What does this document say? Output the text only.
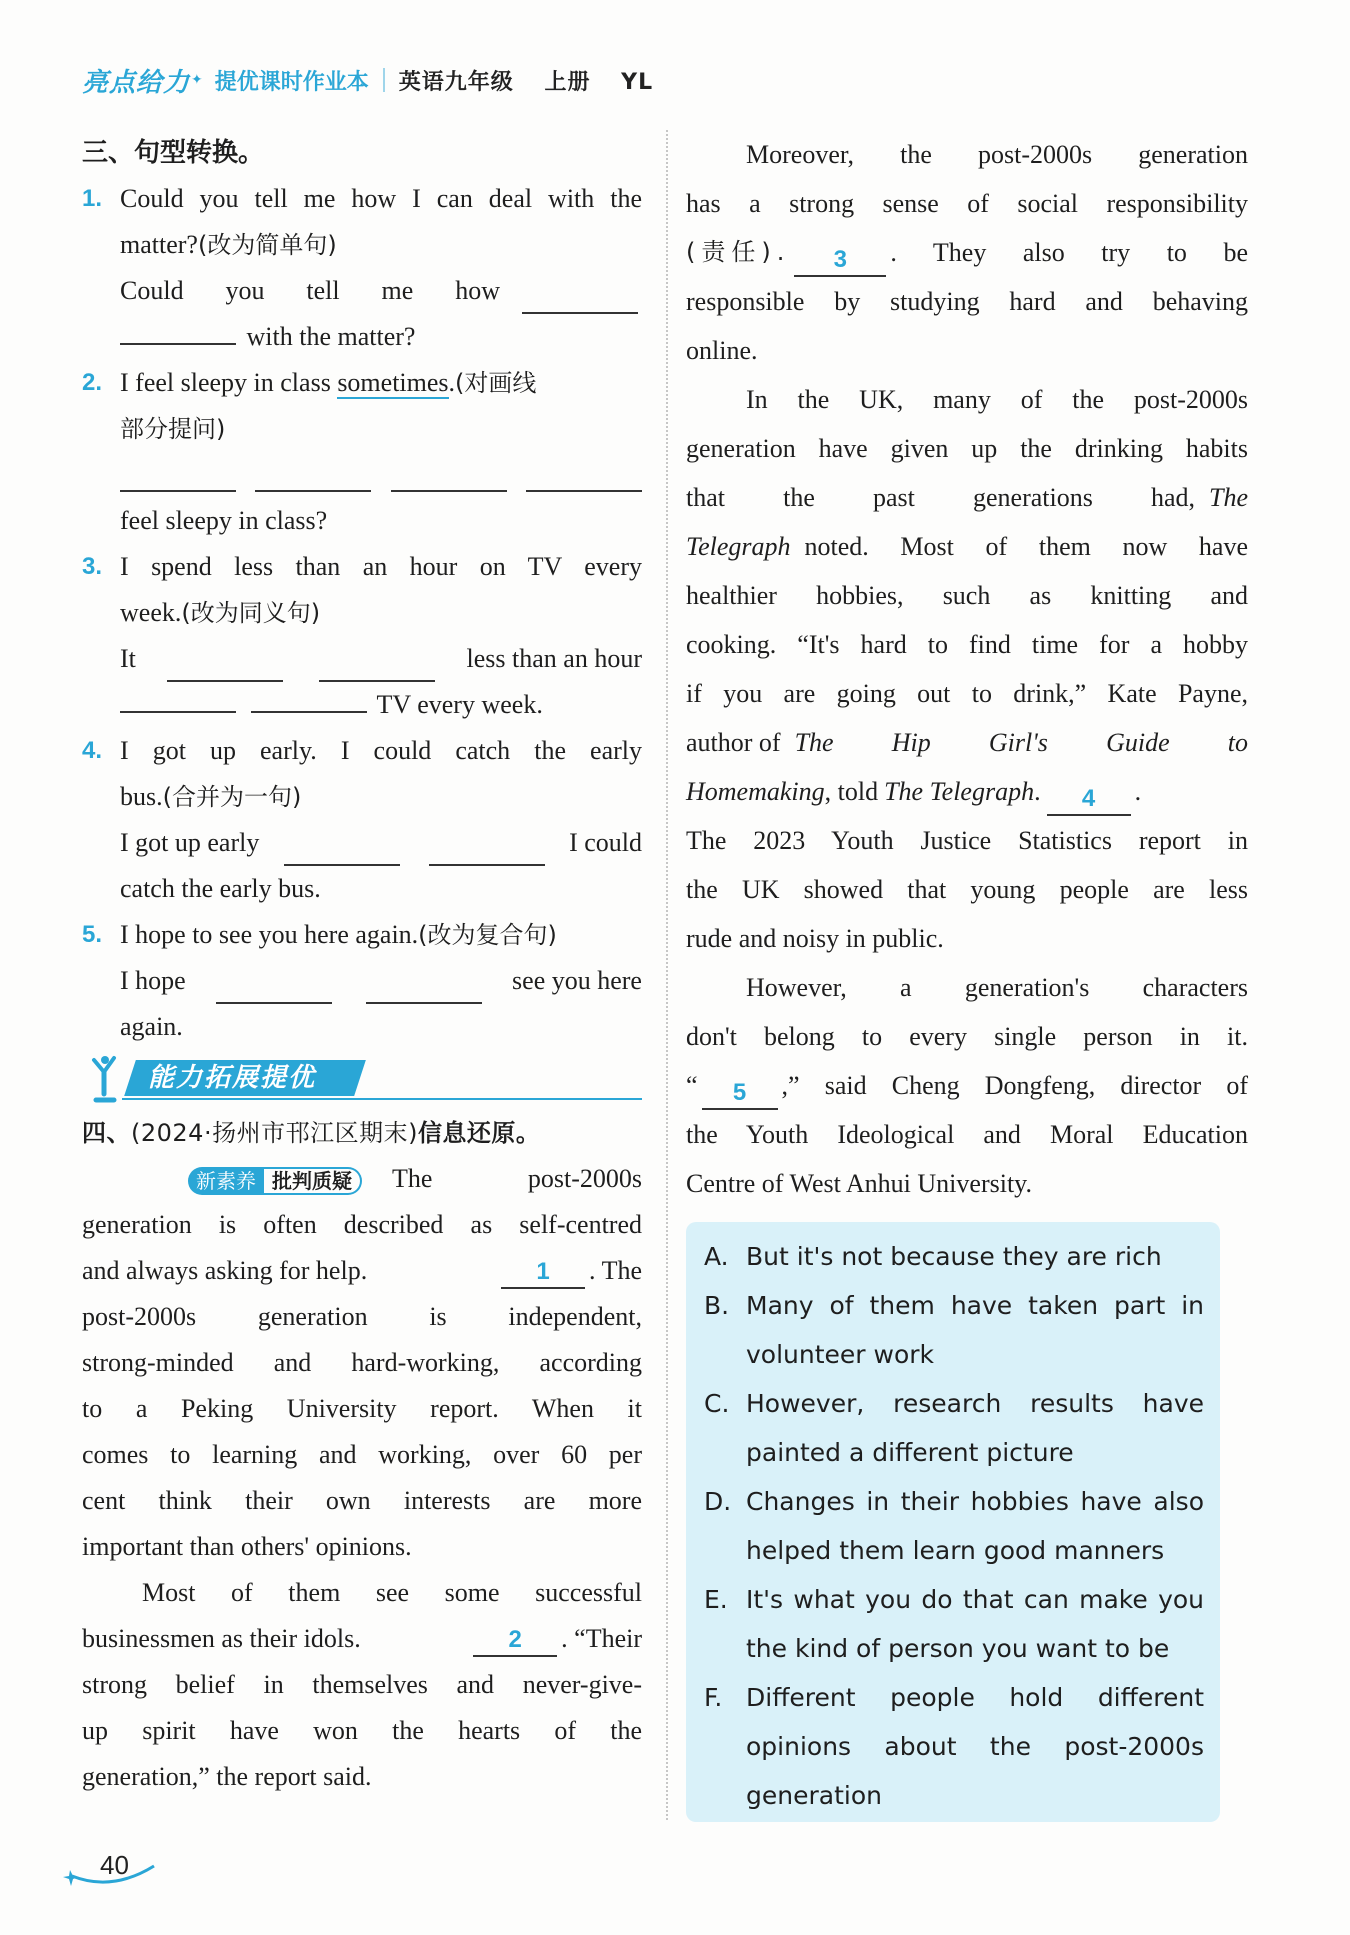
亮点给力 ✦ 提优课时作业本 英语九年级 上册 YL
三、句型转换。
1. Could you tell me how I can deal with the
matter?(改为简单句)
Could you tell me how
with the matter?
2. I feel sleepy in class sometimes.(对画线
部分提问)
feel sleepy in class?
3. I spend less than an hour on TV every
week.(改为同义句)
It	less than an hour
TV every week.
4. I got up early. I could catch the early
bus.(合并为一句)
I got up early	I could
catch the early bus.
5. I hope to see you here again.(改为复合句)
I hope	see you here
again.
能力拓展提优
四、(2024·扬州市邗江区期末)信息还原。
新素养 批判质疑	The post-2000s

generation is often described as self-centred

and always asking for help.	1 . The

post-2000s generation is independent,

strong-minded and hard-working, according

to a Peking University report. When it

comes to learning and working, over 60 per

cent think their own interests are more

important than others' opinions.

Most of them see some successful

businessmen as their idols.	2 . “Their

strong belief in themselves and never-give-

up spirit have won the hearts of the

generation,” the report said.

Moreover, the post-2000s generation

has a strong sense of social responsibility

(责任).	3	. They also try to be

responsible by studying hard and behaving

online.

In the UK, many of the post-2000s

generation have given up the drinking habits

that the past generations had, The
Telegraph noted. Most of them now have

healthier hobbies, such as knitting and

cooking. “It's hard to find time for a hobby

if you are going out to drink,” Kate Payne,

author of The Hip Girl's Guide to
Homemaking , told The Telegraph .	4	.

The 2023 Youth Justice Statistics report in

the UK showed that young people are less

rude and noisy in public.

However, a generation's characters

don't belong to every single person in it.

“	5	,” said Cheng Dongfeng, director of

the Youth Ideological and Moral Education

Centre of West Anhui University.

A. But it's not because they are rich
B. Many of them have taken part in
volunteer work
C. However, research results have
painted a different picture
D. Changes in their hobbies have also
helped them learn good manners
E. It's what you do that can make you
the kind of person you want to be
F. Different people hold different
opinions about the post-2000s
generation
40
